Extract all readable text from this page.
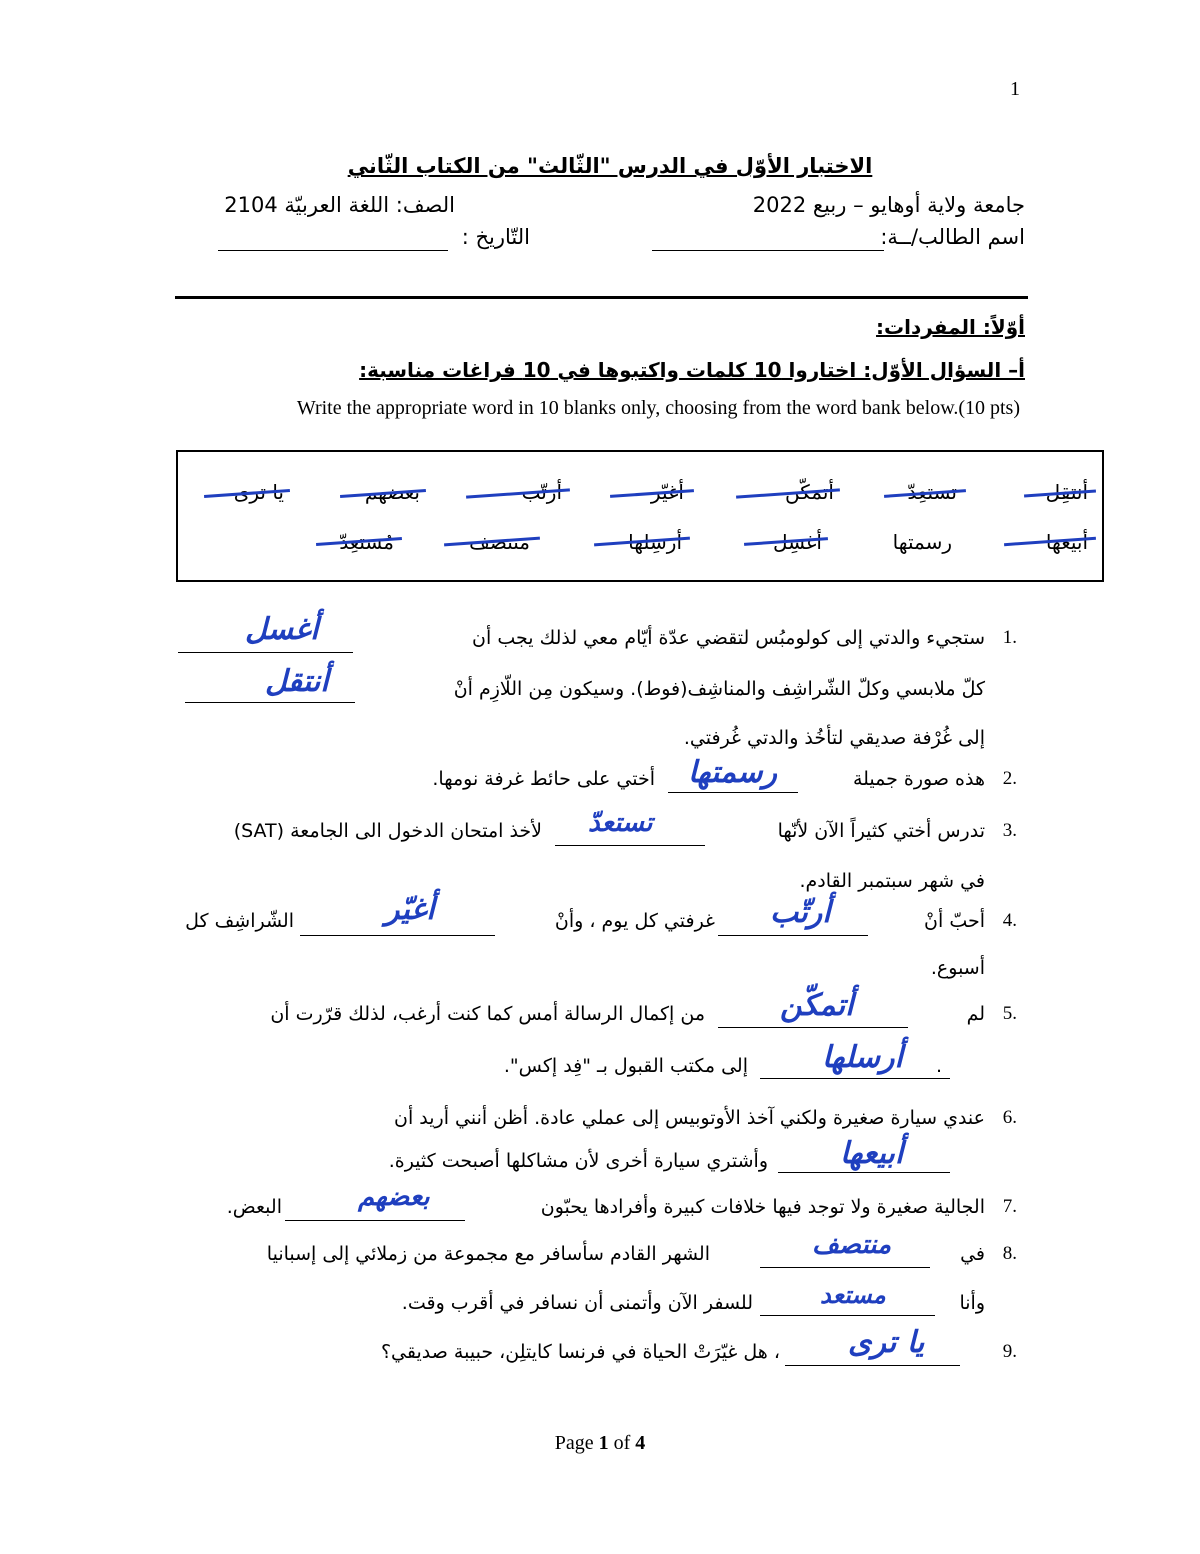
1
الاختبار الأوّل في الدرس "الثّالث" من الكتاب الثّاني
جامعة ولاية أوهايو – ربيع 2022
الصف: اللغة العربيّة 2104
اسم الطالب/ــة:
التّاريخ :
أوّلاً: المفردات:
أ– السؤال الأوّل: اختاروا 10 كلمات واكتبوها في 10 فراغات مناسبة:
Write the appropriate word in 10 blanks only, choosing from the word bank below.(10 pts)
أنتقِل
تستعِدّ
أتمكّن
أغيّر
أرتّب
بعضهم
يا ترى
أبيعها
رسمتها
أغسِل
أرسِلها
منتصف
مُستعِدّ
1.
ستجيء والدتي إلى كولومبُس لتقضي عدّة أيّام معي لذلك يجب أن
أغسل
كلّ ملابسي وكلّ الشّراشِف والمناشِف(فوط). وسيكون مِن اللّازِم أنْ
أنتقل
إلى غُرْفة صديقي لتأخُذ والدتي غُرفتي.
2.
هذه صورة جميلة
رسمتها
أختي على حائط غرفة نومها.
3.
تدرس أختي كثيراً الآن لأنّها
تستعدّ
لأخذ امتحان الدخول الى الجامعة (SAT)
في شهر سبتمبر القادم.
4.
أحبّ أنْ
أرتّب
غرفتي كل يوم ، وأنْ
أغيّر
الشّراشِف كل
أسبوع.
5.
لم
أتمكّن
من إكمال الرسالة أمس كما كنت أرغب، لذلك قرّرت أن
.
أرسلها
إلى مكتب القبول بـ "فِد إكس".
6.
عندي سيارة صغيرة ولكني آخذ الأوتوبيس إلى عملي عادة. أظن أنني أريد أن
أبيعها
وأشتري سيارة أخرى لأن مشاكلها أصبحت كثيرة.
7.
الجالية صغيرة ولا توجد فيها خلافات كبيرة وأفرادها يحبّون
بعضهم
البعض.
8.
في
منتصف
الشهر القادم سأسافر مع مجموعة من زملائي إلى إسبانيا
وأنا
مستعد
للسفر الآن وأتمنى أن نسافر في أقرب وقت.
9.
يا ترى
، هل غيّرَتْ الحياة في فرنسا كايتلِن، حبيبة صديقي؟
Page 1 of 4
